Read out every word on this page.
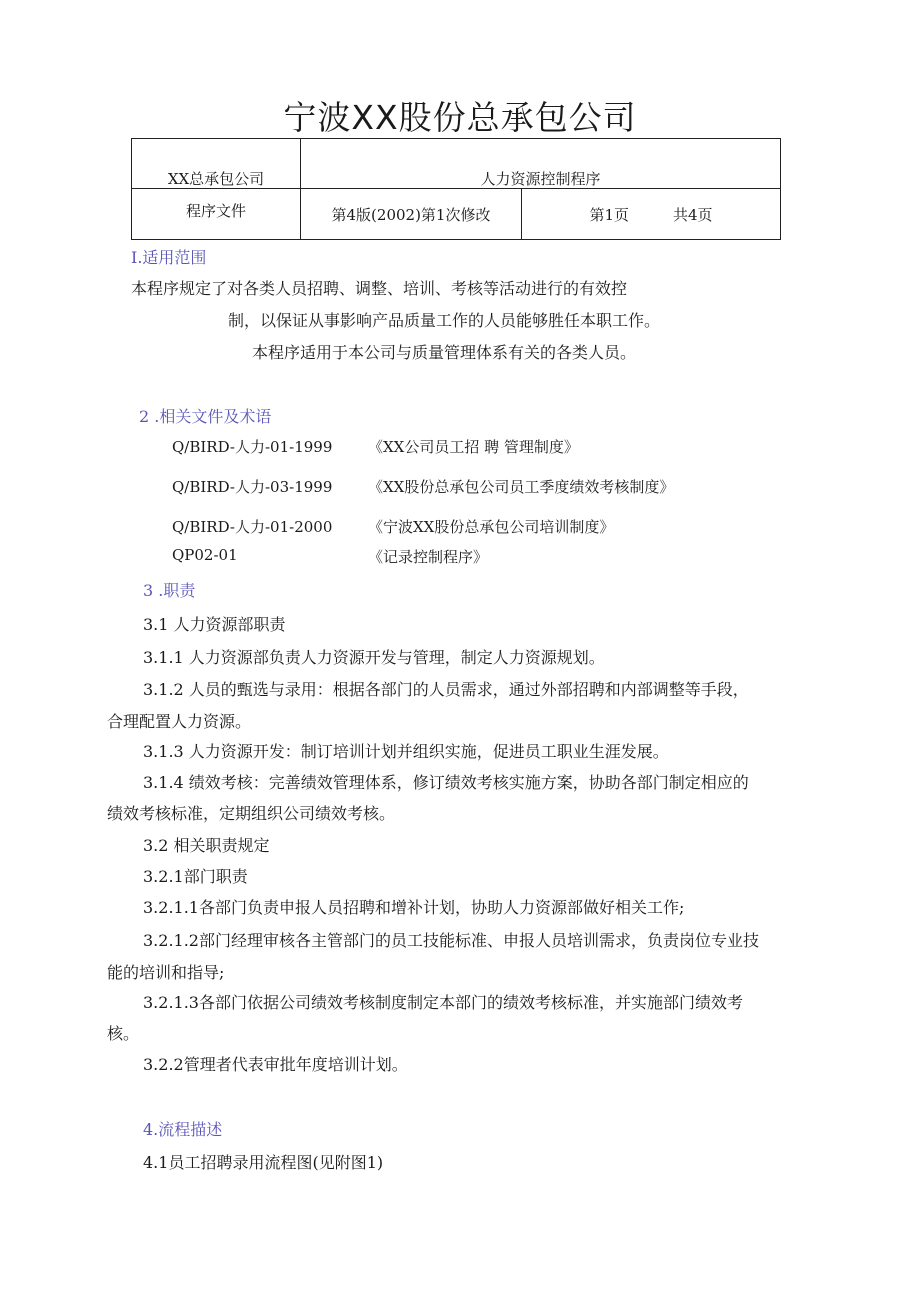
宁波XX股份总承包公司
XX总承包公司	人力资源控制程序	

程序文件	第4版(2002)第1次修改	第1页 共4页
I.适用范围
本程序规定了对各类人员招聘、调整、培训、考核等活动进行的有效控
制，以保证从事影响产品质量工作的人员能够胜任本职工作。
本程序适用于本公司与质量管理体系有关的各类人员。
2 .相关文件及术语
Q/BIRD-人力-01-1999 《XX公司员工招 聘 管理制度》
Q/BIRD-人力-03-1999 《XX股份总承包公司员工季度绩效考核制度》
Q/BIRD-人力-01-2000 《宁波XX股份总承包公司培训制度》
QP02-01	《记录控制程序》
3 .职责
3.1 人力资源部职责
3.1.1 人力资源部负责人力资源开发与管理，制定人力资源规划。
3.1.2 人员的甄选与录用：根据各部门的人员需求，通过外部招聘和内部调整等手段，
合理配置人力资源。
3.1.3 人力资源开发：制订培训计划并组织实施，促进员工职业生涯发展。
3.1.4 绩效考核：完善绩效管理体系，修订绩效考核实施方案，协助各部门制定相应的
绩效考核标准，定期组织公司绩效考核。
3.2 相关职责规定
3.2.1部门职责
3.2.1.1各部门负责申报人员招聘和增补计划，协助人力资源部做好相关工作;
3.2.1.2部门经理审核各主管部门的员工技能标准、申报人员培训需求，负责岗位专业技
能的培训和指导;
3.2.1.3各部门依据公司绩效考核制度制定本部门的绩效考核标准，并实施部门绩效考
核。
3.2.2管理者代表审批年度培训计划。
4.流程描述
4.1员工招聘录用流程图(见附图1)
